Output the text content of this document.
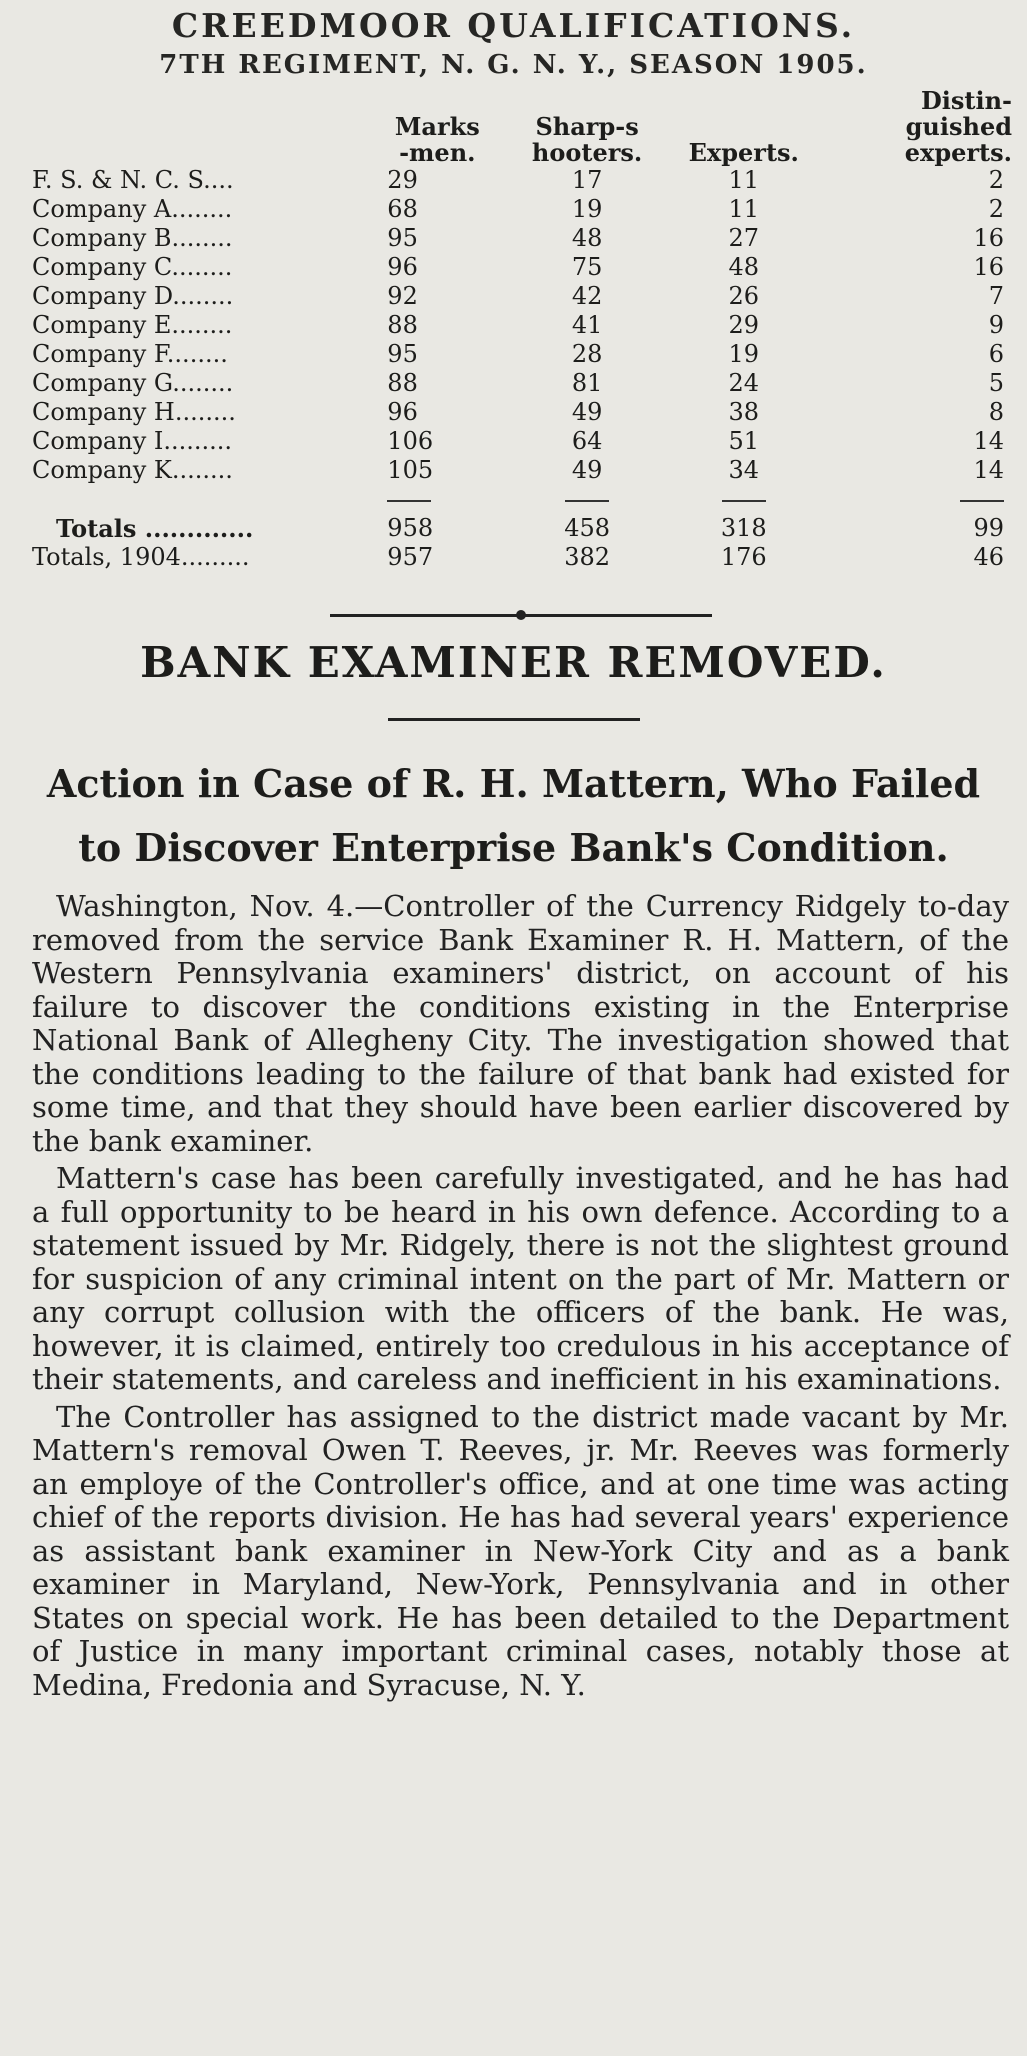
CREEDMOOR QUALIFICATIONS.
7TH REGIMENT, N. G. N. Y., SEASON 1905.

	Marks-men.	Sharp-shooters.	Experts.	Distin-guished experts.
F. S. & N. C. S....	29	17	11	2
Company A........	68	19	11	2
Company B........	95	48	27	16
Company C........	96	75	48	16
Company D........	92	42	26	7
Company E........	88	41	29	9
Company F........	95	28	19	6
Company G........	88	81	24	5
Company H........	96	49	38	8
Company I.........	106	64	51	14
Company K........	105	49	34	14

Totals .............	958	458	318	99
Totals, 1904.........	957	382	176	46
BANK EXAMINER REMOVED.
Action in Case of R. H. Mattern, Who Failed
to Discover Enterprise Bank's Condition.

Washington, Nov. 4.—Controller of the Currency Ridgely to-day removed from the service Bank Examiner R. H. Mattern, of the Western Pennsylvania examiners' district, on account of his failure to discover the conditions existing in the Enterprise National Bank of Allegheny City. The investigation showed that the conditions leading to the failure of that bank had existed for some time, and that they should have been earlier discovered by the bank examiner.

Mattern's case has been carefully investigated, and he has had a full opportunity to be heard in his own defence. According to a statement issued by Mr. Ridgely, there is not the slightest ground for suspicion of any criminal intent on the part of Mr. Mattern or any corrupt collusion with the officers of the bank. He was, however, it is claimed, entirely too credulous in his acceptance of their statements, and careless and inefficient in his examinations.

The Controller has assigned to the district made vacant by Mr. Mattern's removal Owen T. Reeves, jr. Mr. Reeves was formerly an employe of the Controller's office, and at one time was acting chief of the reports division. He has had several years' experience as assistant bank examiner in New-York City and as a bank examiner in Maryland, New-York, Pennsylvania and in other States on special work. He has been detailed to the Department of Justice in many important criminal cases, notably those at Medina, Fredonia and Syracuse, N. Y.
